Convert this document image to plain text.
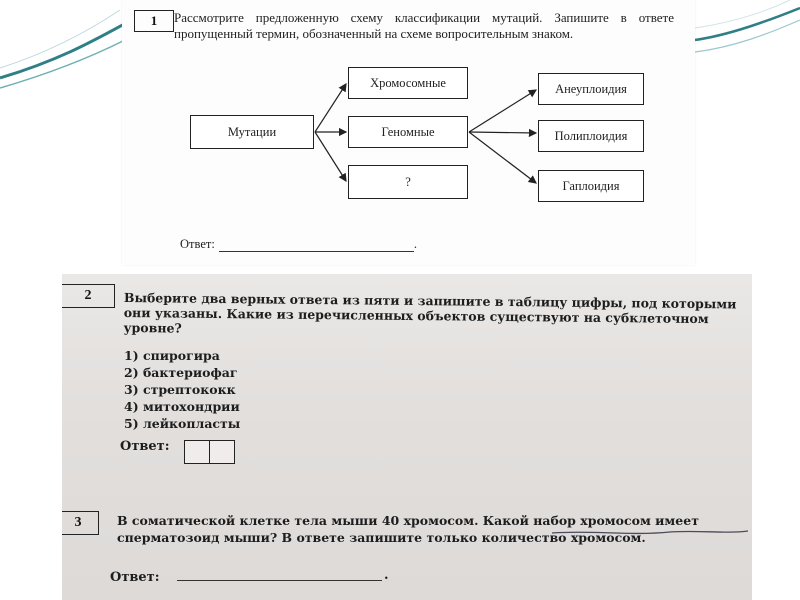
1	Рассмотрите предложенную схему классификации мутаций. Запишите в ответе пропущенный термин, обозначенный на схеме вопросительным знаком.
Мутации
Хромосомные
Геномные
?
Анеуплоидия
Полиплоидия
Гаплоидия
Ответ:	.
2	Выберите два верных ответа из пяти и запишите в таблицу цифры, под которыми они указаны. Какие из перечисленных объектов существуют на субклеточном уровне?
1) спирогира
2) бактериофаг
3) стрептококк
4) митохондрии
5) лейкопласты
Ответ:
3	В соматической клетке тела мыши 40 хромосом. Какой набор хромосом имеет сперматозоид мыши? В ответе запишите только количество хромосом.
Ответ:	.
